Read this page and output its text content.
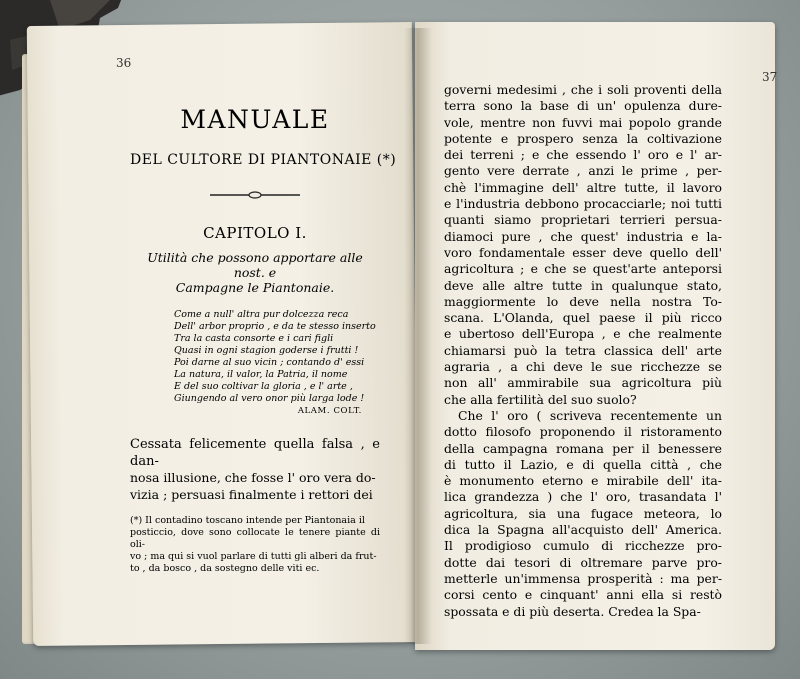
36
37
MANUALE
DEL CULTORE DI PIANTONAIE (*)
CAPITOLO I.
Utilità che possono apportare alle nost. e
Campagne le Piantonaie.
Come a null' altra pur dolcezza reca
Dell' arbor proprio , e da te stesso inserto
Tra la casta consorte e i cari figli
Quasi in ogni stagion goderse i frutti !
Poi darne al suo vicin ; contando d' essi
La natura, il valor, la Patria, il nome
E del suo coltivar la gloria , e l' arte ,
Giungendo al vero onor più larga lode !
ALAM. COLT.
Cessata felicemente quella falsa , e dan-
nosa illusione, che fosse l' oro vera do-
vizia ; persuasi finalmente i rettori dei
(*) Il contadino toscano intende per Piantonaia il
posticcio, dove sono collocate le tenere piante di oli-
vo ; ma qui si vuol parlare di tutti gli alberi da frut-
to , da bosco , da sostegno delle viti ec.
governi medesimi , che i soli proventi della
terra sono la base di un' opulenza dure-
vole, mentre non fuvvi mai popolo grande
potente e prospero senza la coltivazione
dei terreni ; e che essendo l' oro e l' ar-
gento vere derrate , anzi le prime , per-
chè l'immagine dell' altre tutte, il lavoro
e l'industria debbono procacciarle; noi tutti
quanti siamo proprietari terrieri persua-
diamoci pure , che quest' industria e la-
voro fondamentale esser deve quello dell'
agricoltura ; e che se quest'arte anteporsi
deve alle altre tutte in qualunque stato,
maggiormente lo deve nella nostra To-
scana. L'Olanda, quel paese il più ricco
e ubertoso dell'Europa , e che realmente
chiamarsi può la tetra classica dell' arte
agraria , a chi deve le sue ricchezze se
non all' ammirabile sua agricoltura più
che alla fertilità del suo suolo?
Che l' oro ( scriveva recentemente un
dotto filosofo proponendo il ristoramento
della campagna romana per il benessere
di tutto il Lazio, e di quella città , che
è monumento eterno e mirabile dell' ita-
lica grandezza ) che l' oro, trasandata l'
agricoltura, sia una fugace meteora, lo
dica la Spagna all'acquisto dell' America.
Il prodigioso cumulo di ricchezze pro-
dotte dai tesori di oltremare parve pro-
metterle un'immensa prosperità : ma per-
corsi cento e cinquant' anni ella si restò
spossata e di più deserta. Credea la Spa-
